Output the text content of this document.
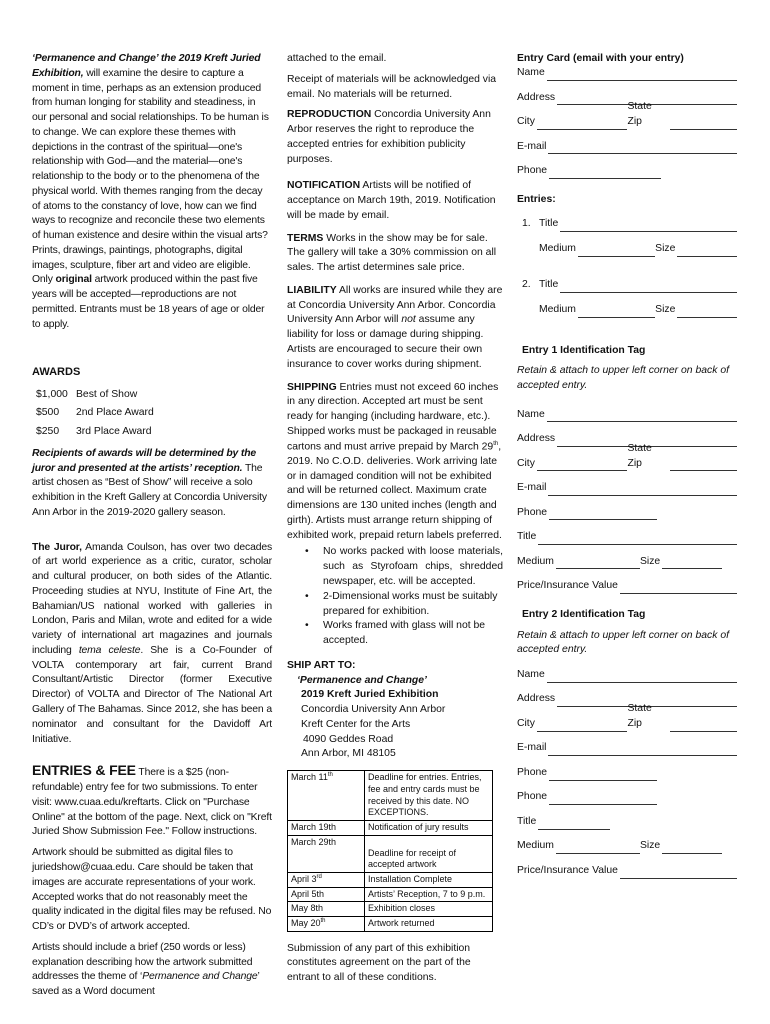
‘Permanence and Change’ the 2019 Kreft Juried Exhibition, will examine the desire to capture a moment in time, perhaps as an extension produced from human longing for stability and steadiness, in our personal and social relationships. To be human is to change. We can explore these themes with depictions in the contrast of the spiritual—one's relationship with God—and the material—one's relationship to the body or to the phenomena of the physical world. With themes ranging from the decay of atoms to the constancy of love, how can we find ways to recognize and reconcile these two elements of human existence and desire within the visual arts? Prints, drawings, paintings, photographs, digital images, sculpture, fiber art and video are eligible. Only original artwork produced within the past five years will be accepted—reproductions are not permitted. Entrants must be 18 years of age or older to apply.

AWARDS
$1,000 Best of Show
$500	2nd Place Award
$250	3rd Place Award

Recipients of awards will be determined by the juror and presented at the artists’ reception. The artist chosen as “Best of Show” will receive a solo exhibition in the Kreft Gallery at Concordia University Ann Arbor in the 2019-2020 gallery season.

The Juror, Amanda Coulson, has over two decades of art world experience as a critic, curator, scholar and cultural producer, on both sides of the Atlantic. Proceeding studies at NYU, Institute of Fine Art, the Bahamian/US national worked with galleries in London, Paris and Milan, wrote and edited for a wide variety of international art magazines and journals including tema celeste. She is a Co-Founder of VOLTA contemporary art fair, current Brand Consultant/Artistic Director (former Executive Director) of VOLTA and Director of The National Art Gallery of The Bahamas. Since 2012, she has been a nominator and consultant for the Davidoff Art Initiative.

ENTRIES & FEE There is a $25 (non-refundable) entry fee for two submissions. To enter visit: www.cuaa.edu/kreftarts. Click on "Purchase Online" at the bottom of the page. Next, click on "Kreft Juried Show Submission Fee." Follow instructions.

Artwork should be submitted as digital files to juriedshow@cuaa.edu. Care should be taken that images are accurate representations of your work. Accepted works that do not reasonably meet the quality indicated in the digital files may be refused. No CD’s or DVD’s of artwork accepted.

Artists should include a brief (250 words or less) explanation describing how the artwork submitted addresses the theme of ‘Permanence and Change’ saved as a Word document

attached to the email.

Receipt of materials will be acknowledged via email. No materials will be returned.

REPRODUCTION Concordia University Ann Arbor reserves the right to reproduce the accepted entries for exhibition publicity purposes.

NOTIFICATION Artists will be notified of acceptance on March 19th, 2019. Notification will be made by email.

TERMS Works in the show may be for sale. The gallery will take a 30% commission on all sales. The artist determines sale price.

LIABILITY All works are insured while they are at Concordia University Ann Arbor. Concordia University Ann Arbor will not assume any liability for loss or damage during shipping. Artists are encouraged to secure their own insurance to cover works during shipment.

SHIPPING Entries must not exceed 60 inches in any direction. Accepted art must be sent ready for hanging (including hardware, etc.). Shipped works must be packaged in reusable cartons and must arrive prepaid by March 29th, 2019. No C.O.D. deliveries. Work arriving late or in damaged condition will not be exhibited and will be returned collect. Maximum crate dimensions are 130 united inches (length and girth). Artists must arrange return shipping of exhibited work, prepaid return labels preferred.

• No works packed with loose materials, such as Styrofoam chips, shredded newspaper, etc. will be accepted.
• 2-Dimensional works must be suitably prepared for exhibition.
• Works framed with glass will not be accepted.
SHIP ART TO:
‘Permanence and Change’
2019 Kreft Juried Exhibition
Concordia University Ann Arbor
Kreft Center for the Arts
4090 Geddes Road
Ann Arbor, MI 48105
March 11th	Deadline for entries. Entries, fee and entry cards must be received by this date. NO EXCEPTIONS.
March 19th	Notification of jury results
March 29th	Deadline for receipt of accepted artwork
April 3rd	Installation Complete
April 5th	Artists’ Reception, 7 to 9 p.m.
May 8th	Exhibition closes
May 20th	Artwork returned

Submission of any part of this exhibition constitutes agreement on the part of the entrant to all of these conditions.

Entry Card (email with your entry)
Name
Address
City
State Zip
E-mail
Phone
Entries:
1. Title
Medium	Size
2. Title
Medium	Size
Entry 1 Identification Tag
Retain & attach to upper left corner on back of accepted entry.
Name
Address
City
State Zip
E-mail
Phone
Title
Medium	Size
Price/Insurance Value
Entry 2 Identification Tag
Retain & attach to upper left corner on back of accepted entry.
Name
Address
City
State Zip
E-mail
Phone
Phone
Title
Medium	Size
Price/Insurance Value
